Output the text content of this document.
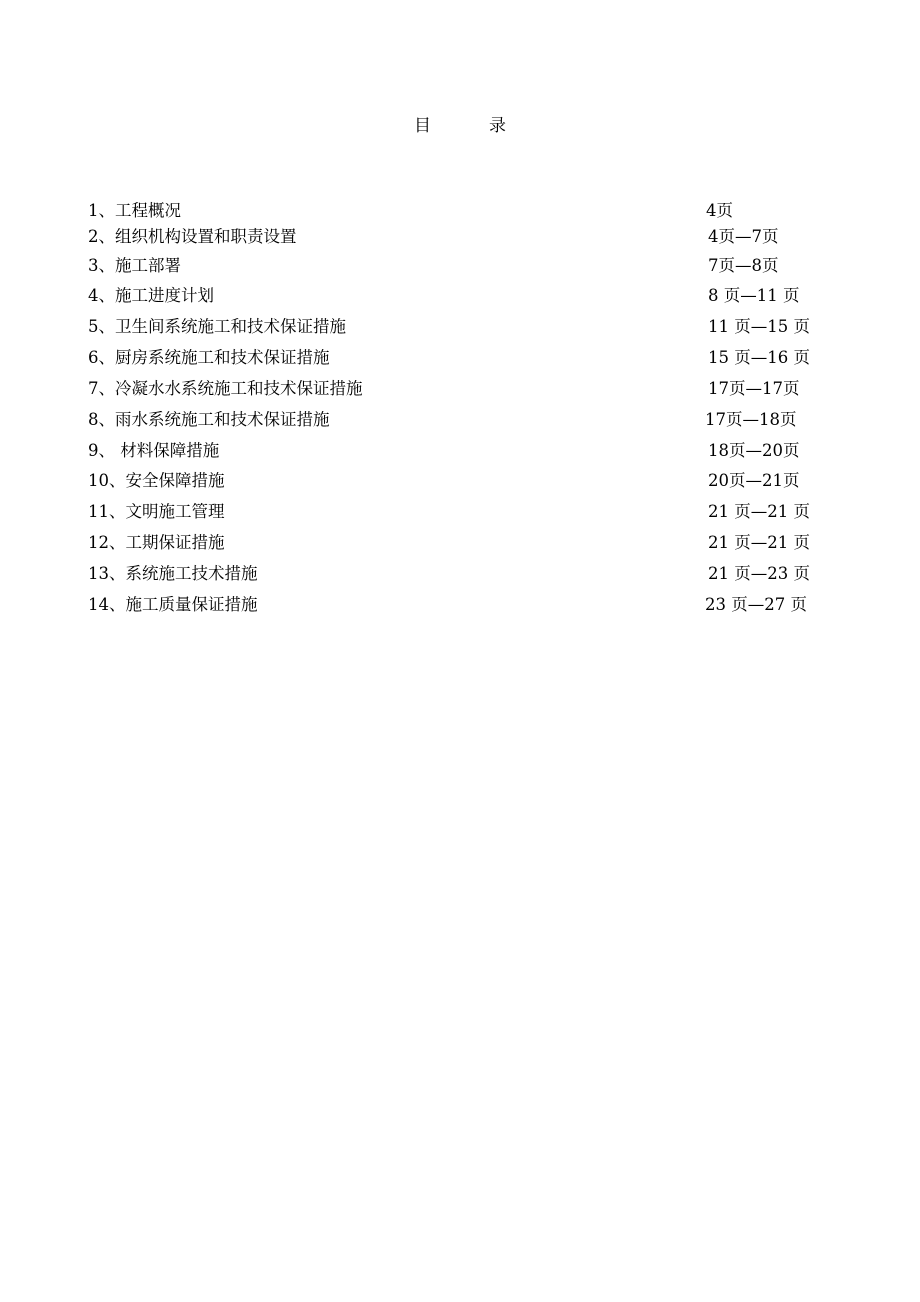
目	录
1、工程概况	4页
2、组织机构设置和职责设置	4页—7页
3、施工部署	7页—8页
4、施工进度计划	8 页—11 页
5、卫生间系统施工和技术保证措施	11 页—15 页
6、厨房系统施工和技术保证措施	15 页—16 页
7、冷凝水水系统施工和技术保证措施	17页—17页
8、雨水系统施工和技术保证措施	17页—18页
9、 材料保障措施	18页—20页
10、安全保障措施	20页—21页
11、文明施工管理	21 页—21 页
12、工期保证措施	21 页—21 页
13、系统施工技术措施	21 页—23 页
14、施工质量保证措施	23 页—27 页
